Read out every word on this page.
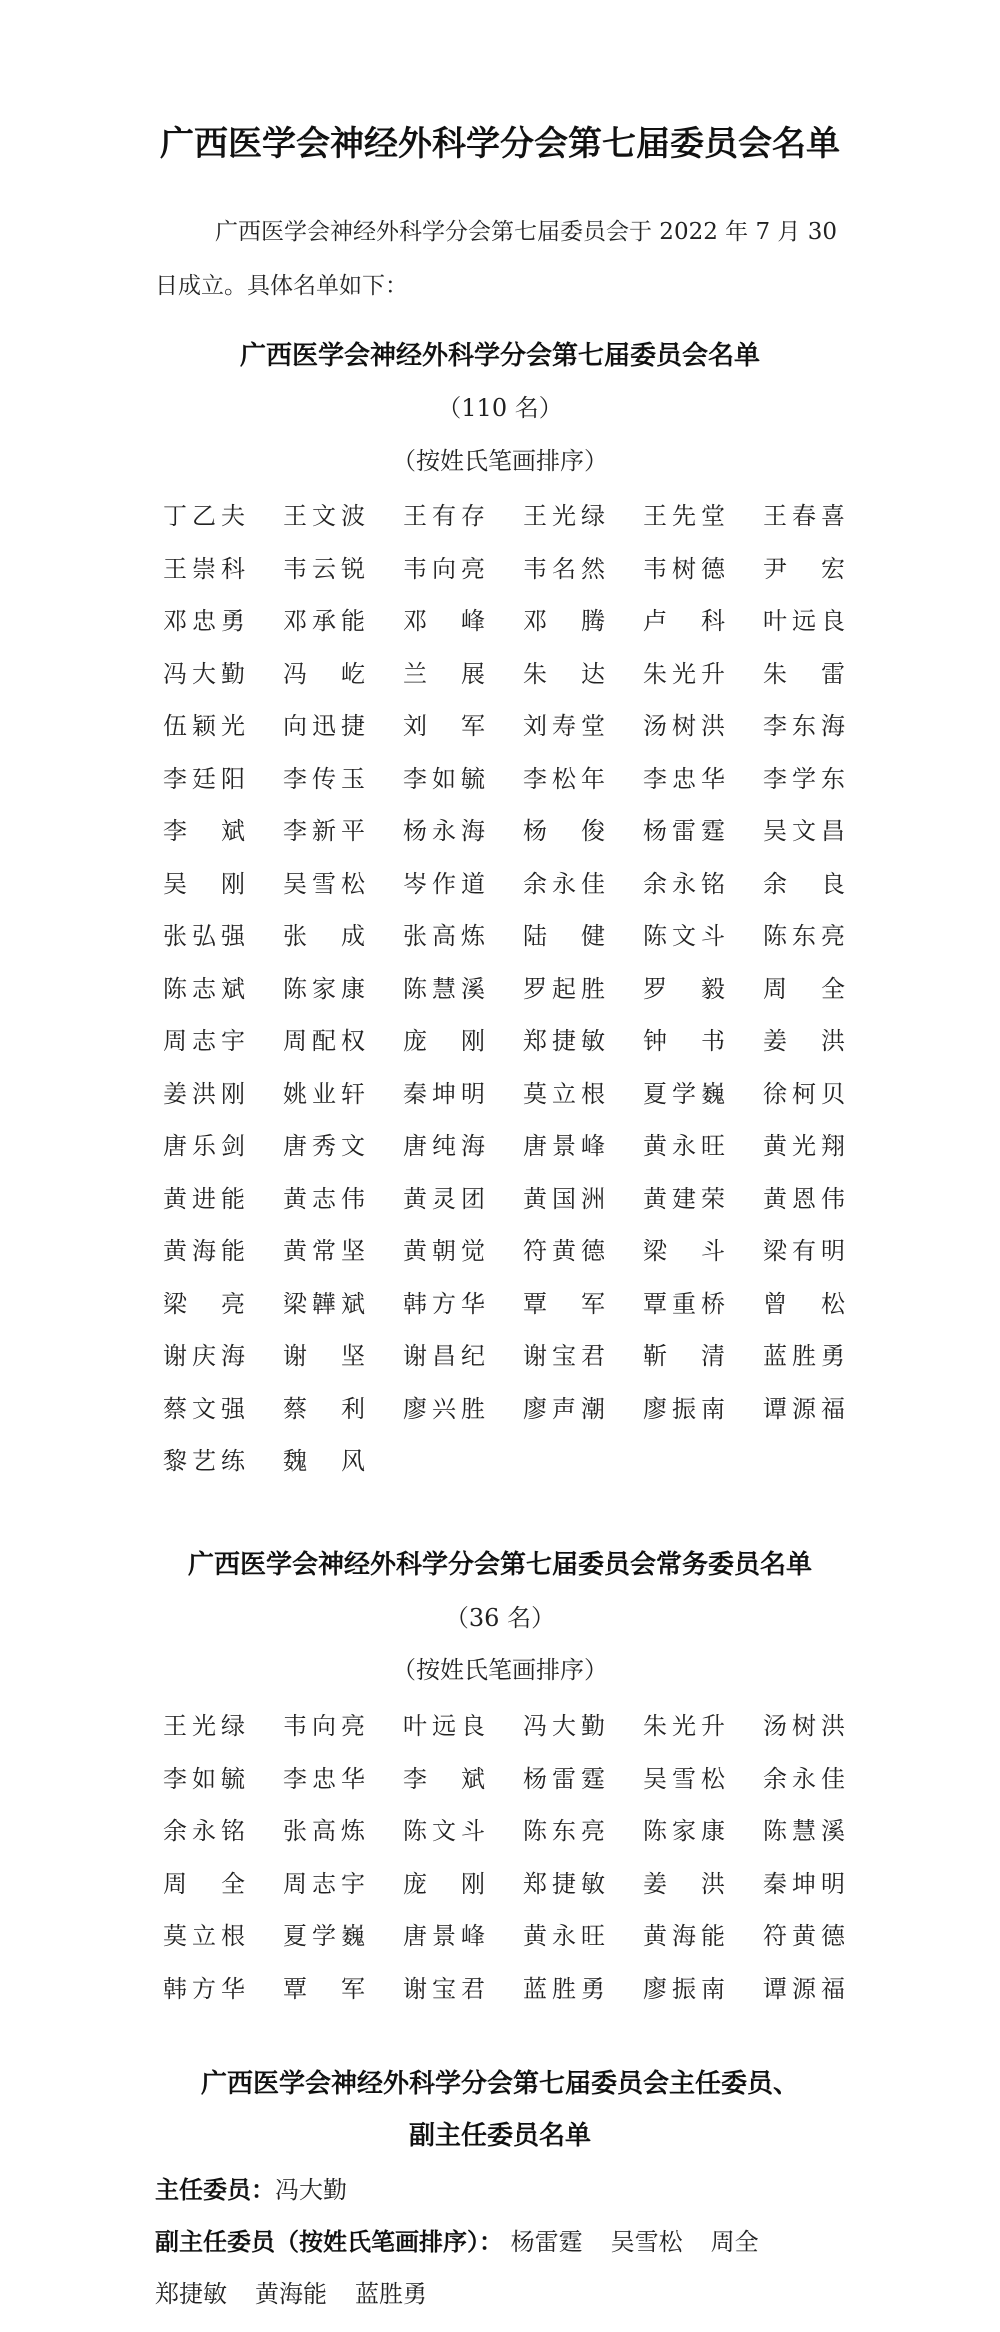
广西医学会神经外科学分会第七届委员会名单
广西医学会神经外科学分会第七届委员会于 2022 年 7 月 30 日成立。具体名单如下：
广西医学会神经外科学分会第七届委员会名单
（110 名）
（按姓氏笔画排序）
丁乙夫 王文波 王有存 王光绿 王先堂 王春喜
王崇科 韦云锐 韦向亮 韦名然 韦树德 尹宏
邓忠勇 邓承能 邓峰 邓腾 卢科 叶远良
冯大勤 冯屹 兰展 朱达 朱光升 朱雷
伍颖光 向迅捷 刘军 刘寿堂 汤树洪 李东海
李廷阳 李传玉 李如毓 李松年 李忠华 李学东
李斌 李新平 杨永海 杨俊 杨雷霆 吴文昌
吴刚 吴雪松 岑作道 余永佳 余永铭 余良
张弘强 张成 张高炼 陆健 陈文斗 陈东亮
陈志斌 陈家康 陈慧溪 罗起胜 罗毅 周全
周志宇 周配权 庞刚 郑捷敏 钟书 姜洪
姜洪刚 姚业轩 秦坤明 莫立根 夏学巍 徐柯贝
唐乐剑 唐秀文 唐纯海 唐景峰 黄永旺 黄光翔
黄进能 黄志伟 黄灵团 黄国洲 黄建荣 黄恩伟
黄海能 黄常坚 黄朝觉 符黄德 梁斗 梁有明
梁亮 梁韡斌 韩方华 覃军 覃重桥 曾松
谢庆海 谢坚 谢昌纪 谢宝君 靳清 蓝胜勇
蔡文强 蔡利 廖兴胜 廖声潮 廖振南 谭源福
黎艺练 魏风
广西医学会神经外科学分会第七届委员会常务委员名单
（36 名）
（按姓氏笔画排序）
王光绿 韦向亮 叶远良 冯大勤 朱光升 汤树洪
李如毓 李忠华 李斌 杨雷霆 吴雪松 余永佳
余永铭 张高炼 陈文斗 陈东亮 陈家康 陈慧溪
周全 周志宇 庞刚 郑捷敏 姜洪 秦坤明
莫立根 夏学巍 唐景峰 黄永旺 黄海能 符黄德
韩方华 覃军 谢宝君 蓝胜勇 廖振南 谭源福
广西医学会神经外科学分会第七届委员会主任委员、
副主任委员名单
主任委员：冯大勤
副主任委员（按姓氏笔画排序）： 杨雷霆 吴雪松 周全
郑捷敏 黄海能 蓝胜勇
